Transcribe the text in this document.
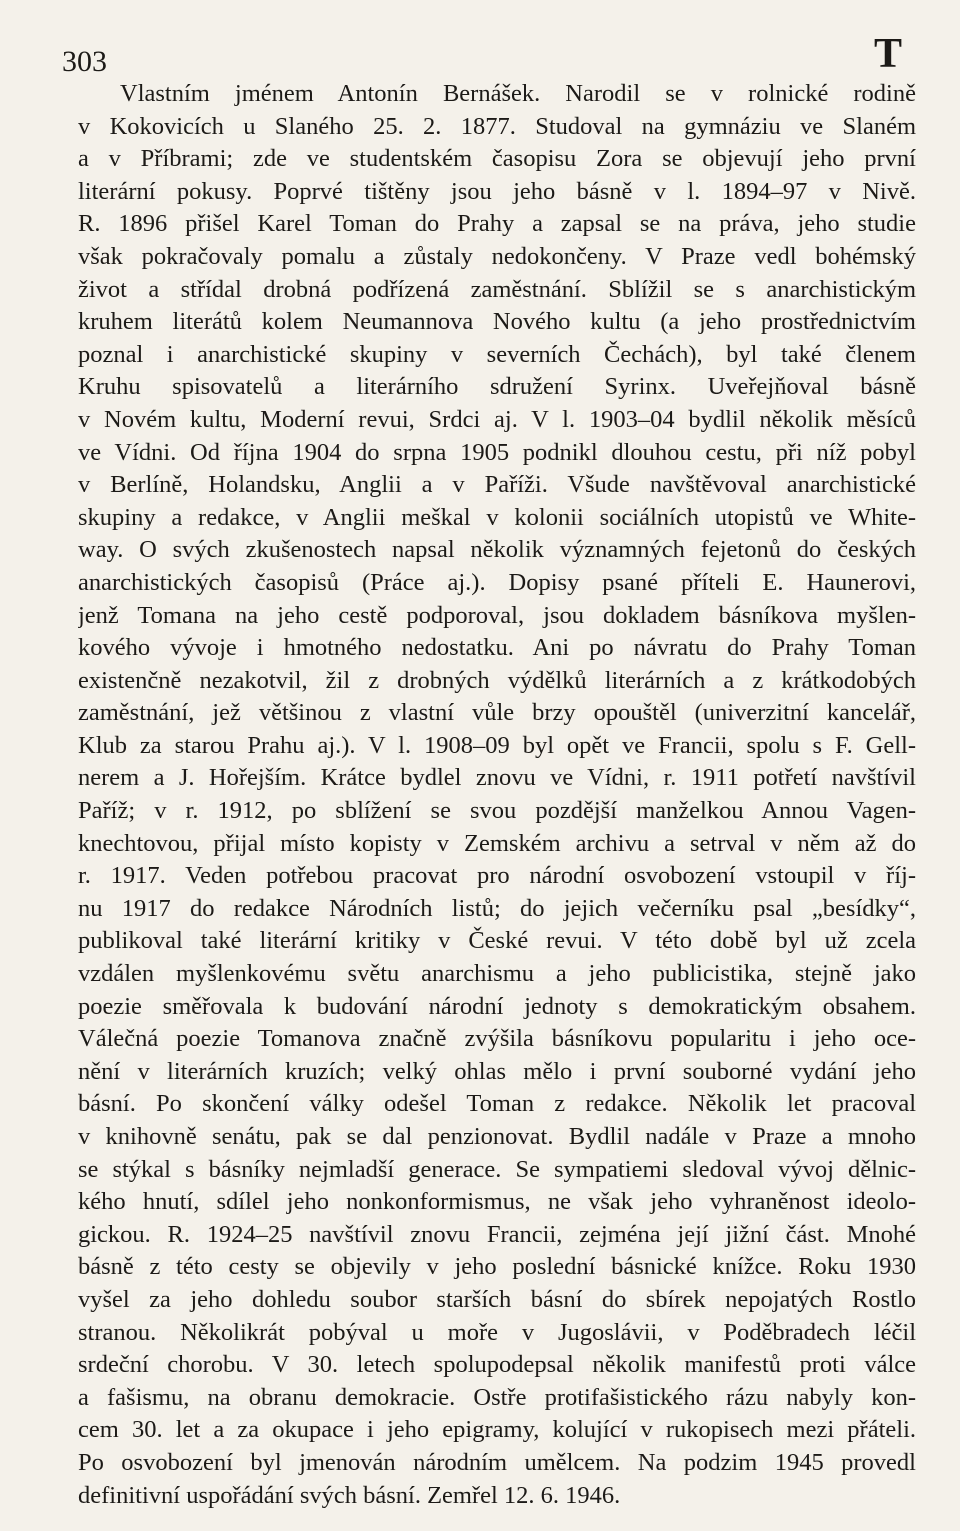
303	T
Vlastním jménem Antonín Bernášek. Narodil se v rolnické rodině
v Kokovicích u Slaného 25. 2. 1877. Studoval na gymnáziu ve Slaném
a v Příbrami; zde ve studentském časopisu Zora se objevují jeho první
literární pokusy. Poprvé tištěny jsou jeho básně v l. 1894–97 v Nivě.
R. 1896 přišel Karel Toman do Prahy a zapsal se na práva, jeho studie
však pokračovaly pomalu a zůstaly nedokončeny. V Praze vedl bohémský
život a střídal drobná podřízená zaměstnání. Sblížil se s anarchistickým
kruhem literátů kolem Neumannova Nového kultu (a jeho prostřednictvím
poznal i anarchistické skupiny v severních Čechách), byl také členem
Kruhu spisovatelů a literárního sdružení Syrinx. Uveřejňoval básně
v Novém kultu, Moderní revui, Srdci aj. V l. 1903–04 bydlil několik měsíců
ve Vídni. Od října 1904 do srpna 1905 podnikl dlouhou cestu, při níž pobyl
v Berlíně, Holandsku, Anglii a v Paříži. Všude navštěvoval anarchistické
skupiny a redakce, v Anglii meškal v kolonii sociálních utopistů ve White-
way. O svých zkušenostech napsal několik významných fejetonů do českých
anarchistických časopisů (Práce aj.). Dopisy psané příteli E. Haunerovi,
jenž Tomana na jeho cestě podporoval, jsou dokladem básníkova myšlen-
kového vývoje i hmotného nedostatku. Ani po návratu do Prahy Toman
existenčně nezakotvil, žil z drobných výdělků literárních a z krátkodobých
zaměstnání, jež většinou z vlastní vůle brzy opouštěl (univerzitní kancelář,
Klub za starou Prahu aj.). V l. 1908–09 byl opět ve Francii, spolu s F. Gell-
nerem a J. Hořejším. Krátce bydlel znovu ve Vídni, r. 1911 potřetí navštívil
Paříž; v r. 1912, po sblížení se svou pozdější manželkou Annou Vagen-
knechtovou, přijal místo kopisty v Zemském archivu a setrval v něm až do
r. 1917. Veden potřebou pracovat pro národní osvobození vstoupil v říj-
nu 1917 do redakce Národních listů; do jejich večerníku psal „besídky“,
publikoval také literární kritiky v České revui. V této době byl už zcela
vzdálen myšlenkovému světu anarchismu a jeho publicistika, stejně jako
poezie směřovala k budování národní jednoty s demokratickým obsahem.
Válečná poezie Tomanova značně zvýšila básníkovu popularitu i jeho oce-
nění v literárních kruzích; velký ohlas mělo i první souborné vydání jeho
básní. Po skončení války odešel Toman z redakce. Několik let pracoval
v knihovně senátu, pak se dal penzionovat. Bydlil nadále v Praze a mnoho
se stýkal s básníky nejmladší generace. Se sympatiemi sledoval vývoj dělnic-
kého hnutí, sdílel jeho nonkonformismus, ne však jeho vyhraněnost ideolo-
gickou. R. 1924–25 navštívil znovu Francii, zejména její jižní část. Mnohé
básně z této cesty se objevily v jeho poslední básnické knížce. Roku 1930
vyšel za jeho dohledu soubor starších básní do sbírek nepojatých Rostlo
stranou. Několikrát pobýval u moře v Jugoslávii, v Poděbradech léčil
srdeční chorobu. V 30. letech spolupodepsal několik manifestů proti válce
a fašismu, na obranu demokracie. Ostře protifašistického rázu nabyly kon-
cem 30. let a za okupace i jeho epigramy, kolující v rukopisech mezi přáteli.
Po osvobození byl jmenován národním umělcem. Na podzim 1945 provedl
definitivní uspořádání svých básní. Zemřel 12. 6. 1946.
